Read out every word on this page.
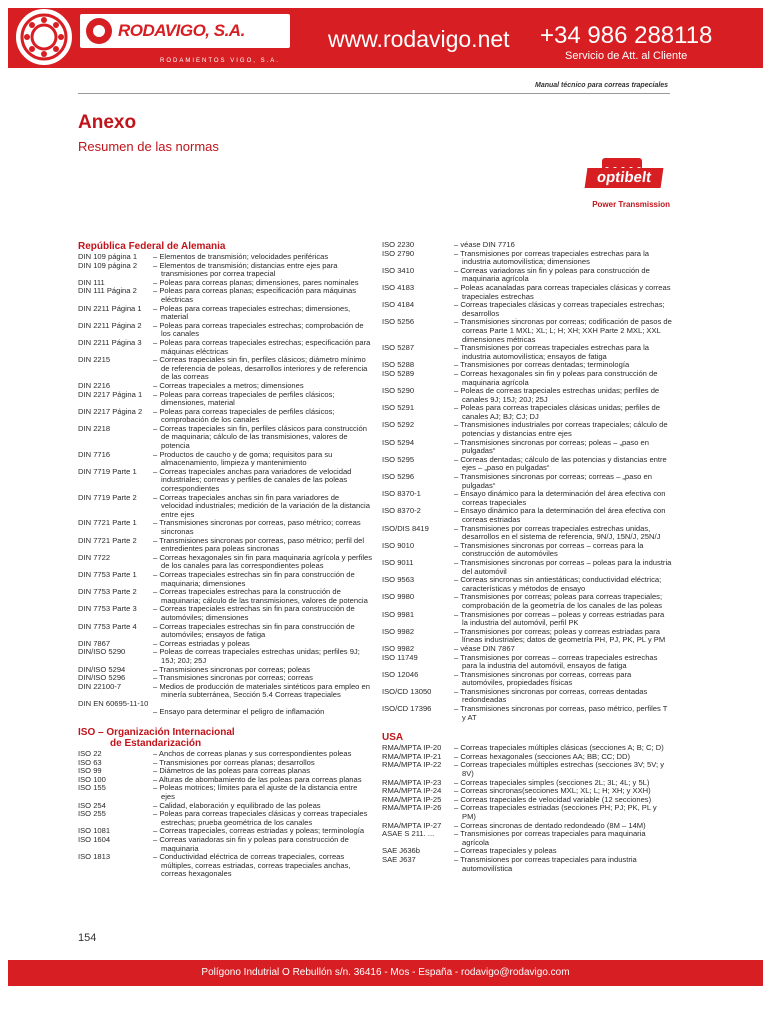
RODAVIGO, S.A.
RODAMIENTOS VIGO, S.A.
www.rodavigo.net +34 986 288118
Servicio de Att. al Cliente
Manual técnico para correas trapeciales
Anexo
Resumen de las normas
optibelt
Power Transmission
República Federal de Alemania
DIN 109 página 1	– Elementos de transmisión; velocidades periféricas
DIN 109 página 2	– Elementos de transmisión; distancias entre ejes para transmisiones por correa trapecial
DIN 111	– Poleas para correas planas; dimensiones, pares nominales
DIN 111 Página 2	– Poleas para correas planas; especificación para máquinas eléctricas
DIN 2211 Página 1	– Poleas para correas trapeciales estrechas; dimensiones, material
DIN 2211 Página 2	– Poleas para correas trapeciales estrechas; comprobación de los canales
DIN 2211 Página 3	– Poleas para correas trapeciales estrechas; especificación para máquinas eléctricas
DIN 2215	– Correas trapeciales sin fin, perfiles clásicos; diámetro mínimo de referencia de poleas, desarrollos interiores y de referencia de las correas
DIN 2216	– Correas trapeciales a metros; dimensiones
DIN 2217 Página 1	– Poleas para correas trapeciales de perfiles clásicos; dimensiones, material
DIN 2217 Página 2	– Poleas para correas trapeciales de perfiles clásicos; comprobación de los canales
DIN 2218	– Correas trapeciales sin fin, perfiles clásicos para construcción de maquinaria; cálculo de las transmisiones, valores de potencia
DIN 7716	– Productos de caucho y de goma; requisitos para su almacenamiento, limpieza y mantenimiento
DIN 7719 Parte 1	– Correas trapeciales anchas para variadores de velocidad industriales; correas y perfiles de canales de las poleas correspondientes
DIN 7719 Parte 2	– Correas trapeciales anchas sin fin para variadores de velocidad industriales; medición de la variación de la distancia entre ejes
DIN 7721 Parte 1	– Transmisiones sincronas por correas, paso métrico; correas sincronas
DIN 7721 Parte 2	– Transmisiones sincronas por correas, paso métrico; perfil del entredientes para poleas sincronas
DIN 7722	– Correas hexagonales sin fin para maquinaria agrícola y perfiles de los canales para las correspondientes poleas
DIN 7753 Parte 1	– Correas trapeciales estrechas sin fin para construcción de maquinaria; dimensiones
DIN 7753 Parte 2	– Correas trapeciales estrechas para la construcción de maquinaria; cálculo de las transmisiones, valores de potencia
DIN 7753 Parte 3	– Correas trapeciales estrechas sin fin para construcción de automóviles; dimensiones
DIN 7753 Parte 4	– Correas trapeciales estrechas sin fin para construcción de automóviles; ensayos de fatiga
DIN 7867	– Correas estriadas y poleas
DIN/ISO 5290	– Poleas de correas trapeciales estrechas unidas; perfiles 9J; 15J; 20J; 25J
DIN/ISO 5294	– Transmisiones sincronas por correas; poleas
DIN/ISO 5296	– Transmisiones sincronas por correas; correas
DIN 22100-7	– Medios de producción de materiales sintéticos para empleo en minería subterránea, Sección 5.4 Correas trapeciales
DIN EN 60695-11-10
– Ensayo para determinar el peligro de inflamación
ISO – Organización Internacional
de Estandarización
ISO 22	– Anchos de correas planas y sus correspondientes poleas
ISO 63	– Transmisiones por correas planas; desarrollos
ISO 99	– Diámetros de las poleas para correas planas
ISO 100	– Alturas de abombamiento de las poleas para correas planas
ISO 155	– Poleas motrices; límites para el ajuste de la distancia entre ejes
ISO 254	– Calidad, elaboración y equilibrado de las poleas
ISO 255	– Poleas para correas trapeciales clásicas y correas trapeciales estrechas; prueba geométrica de los canales
ISO 1081	– Correas trapeciales, correas estriadas y poleas; terminología
ISO 1604	– Correas variadoras sin fin y poleas para construcción de maquinaria
ISO 1813	– Conductividad eléctrica de correas trapeciales, correas múltiples, correas estriadas, correas trapeciales anchas, correas hexagonales
ISO 2230	– véase DIN 7716
ISO 2790	– Transmisiones por correas trapeciales estrechas para la industria automovilística; dimensiones
ISO 3410	– Correas variadoras sin fin y poleas para construcción de maquinaria agrícola
ISO 4183	– Poleas acanaladas para correas trapeciales clásicas y correas trapeciales estrechas
ISO 4184	– Correas trapeciales clásicas y correas trapeciales estrechas; desarrollos
ISO 5256	– Transmisiones sincronas por correas; codificación de pasos de correas Parte 1 MXL; XL; L; H; XH; XXH Parte 2 MXL; XXL dimensiones métricas
ISO 5287	– Transmisiones por correas trapeciales estrechas para la industria automovilística; ensayos de fatiga
ISO 5288	– Transmisiones por correas dentadas; terminología
ISO 5289	– Correas hexagonales sin fin y poleas para construcción de maquinaria agrícola
ISO 5290	– Poleas de correas trapeciales estrechas unidas; perfiles de canales 9J; 15J; 20J; 25J
ISO 5291	– Poleas para correas trapeciales clásicas unidas; perfiles de canales AJ; BJ; CJ; DJ
ISO 5292	– Transmisiones industriales por correas trapeciales; cálculo de potencias y distancias entre ejes
ISO 5294	– Transmisiones sincronas por correas; poleas – „paso en pulgadas“
ISO 5295	– Correas dentadas; cálculo de las potencias y distancias entre ejes – „paso en pulgadas“
ISO 5296	– Transmisiones sincronas por correas; correas – „paso en pulgadas“
ISO 8370-1	– Ensayo dinámico para la determinación del área efectiva con correas trapeciales
ISO 8370-2	– Ensayo dinámico para la determinación del área efectiva con correas estriadas
ISO/DIS 8419	– Transmisiones por correas trapeciales estrechas unidas, desarrollos en el sistema de referencia, 9N/J, 15N/J, 25N/J
ISO 9010	– Transmisiones sincronas por correas – correas para la construcción de automóviles
ISO 9011	– Transmisiones sincronas por correas – poleas para la industria del automóvil
ISO 9563	– Correas sincronas sin antiestáticas; conductividad eléctrica; características y métodos de ensayo
ISO 9980	– Transmisiones por correas; poleas para correas trapeciales; comprobación de la geometría de los canales de las poleas
ISO 9981	– Transmisiones por correas – poleas y correas estriadas para la industria del automóvil, perfil PK
ISO 9982	– Transmisiones por correas; poleas y correas estriadas para líneas industriales; datos de geometría PH, PJ, PK, PL y PM
ISO 9982	– véase DIN 7867
ISO 11749	– Transmisiones por correas – correas trapeciales estrechas para la industria del automóvil, ensayos de fatiga
ISO 12046	– Transmisiones sincronas por correas, correas para automóviles, propiedades físicas
ISO/CD 13050	– Transmisiones sincronas por correas, correas dentadas redondeadas
ISO/CD 17396	– Transmisiones sincronas por correas, paso métrico, perfiles T y AT
USA
RMA/MPTA IP-20	– Correas trapeciales múltiples clásicas (secciones A; B; C; D)
RMA/MPTA IP-21	– Correas hexagonales (secciones AA; BB; CC; DD)
RMA/MPTA IP-22	– Correas trapeciales múltiples estrechas (secciones 3V; 5V; y 8V)
RMA/MPTA IP-23	– Correas trapeciales simples (secciones 2L; 3L; 4L; y 5L)
RMA/MPTA IP-24	– Correas sincronas(secciones MXL; XL; L; H; XH; y XXH)
RMA/MPTA IP-25	– Correas trapeciales de velocidad variable (12 secciones)
RMA/MPTA IP-26	– Correas trapeciales estriadas (secciones PH; PJ; PK, PL y PM)
RMA/MPTA IP-27	– Correas sincronas de dentado redondeado (8M – 14M)
ASAE S 211. ...	– Transmisiones por correas trapeciales para maquinaria agrícola
SAE J636b	– Correas trapeciales y poleas
SAE J637	– Transmisiones por correas trapeciales para industria automovilística
154
Polígono Indutrial O Rebullón s/n. 36416 - Mos - España - rodavigo@rodavigo.com
